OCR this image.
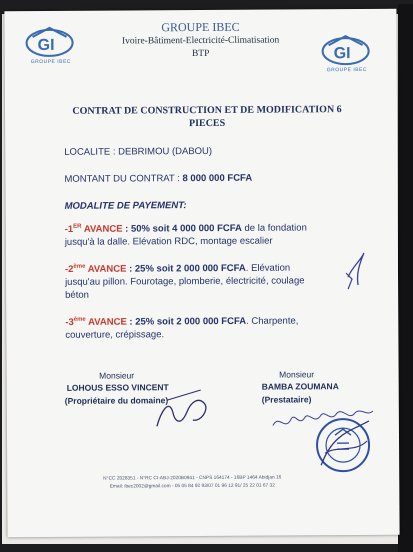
GI
GROUPE IBEC	GI
GROUPE IBEC
GROUPE IBEC
Ivoire-Bâtiment-Electricité-Climatisation
BTP
CONTRAT DE CONSTRUCTION ET DE MODIFICATION 6
PIECES
LOCALITE : DEBRIMOU (DABOU)
MONTANT DU CONTRAT : 8 000 000 FCFA
MODALITE DE PAYEMENT:
-1ER AVANCE : 50% soit 4 000 000 FCFA de la fondation
jusqu'à la dalle. Elévation RDC, montage escalier
-2ème AVANCE : 25% soit 2 000 000 FCFA. Elévation
jusqu'au pillon. Fourotage, plomberie, électricité, coulage
béton
-3ème AVANCE : 25% soit 2 000 000 FCFA. Charpente,
couverture, crépissage.
Monsieur
LOHOUS ESSO VINCENT
(Propriétaire du domaine)
Monsieur
BAMBA ZOUMANA
(Prestataire)
N°CC 2028351 - N°RC CI-ABJ-2020B0941 - CNPS 164174 - 16BP 1464 Abidjan 16
Email: ibec2002@gmail.com - 05 05 84 92 93/07 01 96 12 91/ 25 22 01 67 32
